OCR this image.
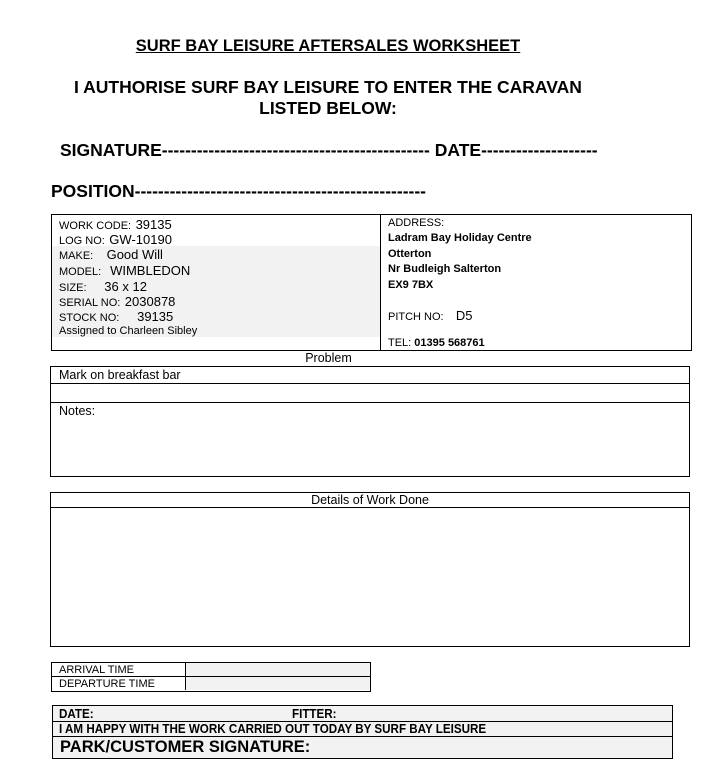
SURF BAY LEISURE AFTERSALES WORKSHEET
I AUTHORISE SURF BAY LEISURE TO ENTER THE CARAVAN
LISTED BELOW:
SIGNATURE---------------------------------------------- DATE--------------------
POSITION--------------------------------------------------
WORK CODE: 39135
LOG NO: GW-10190
MAKE: Good Will
MODEL: WIMBLEDON
SIZE: 36 x 12
SERIAL NO: 2030878
STOCK NO: 39135
Assigned to Charleen Sibley
ADDRESS:
Ladram Bay Holiday Centre
Otterton
Nr Budleigh Salterton
EX9 7BX
PITCH NO: D5
TEL: 01395 568761
Problem
Mark on breakfast bar
Notes:
Details of Work Done
ARRIVAL TIME
DEPARTURE TIME
DATE:	FITTER:
I AM HAPPY WITH THE WORK CARRIED OUT TODAY BY SURF BAY LEISURE
PARK/CUSTOMER SIGNATURE:
